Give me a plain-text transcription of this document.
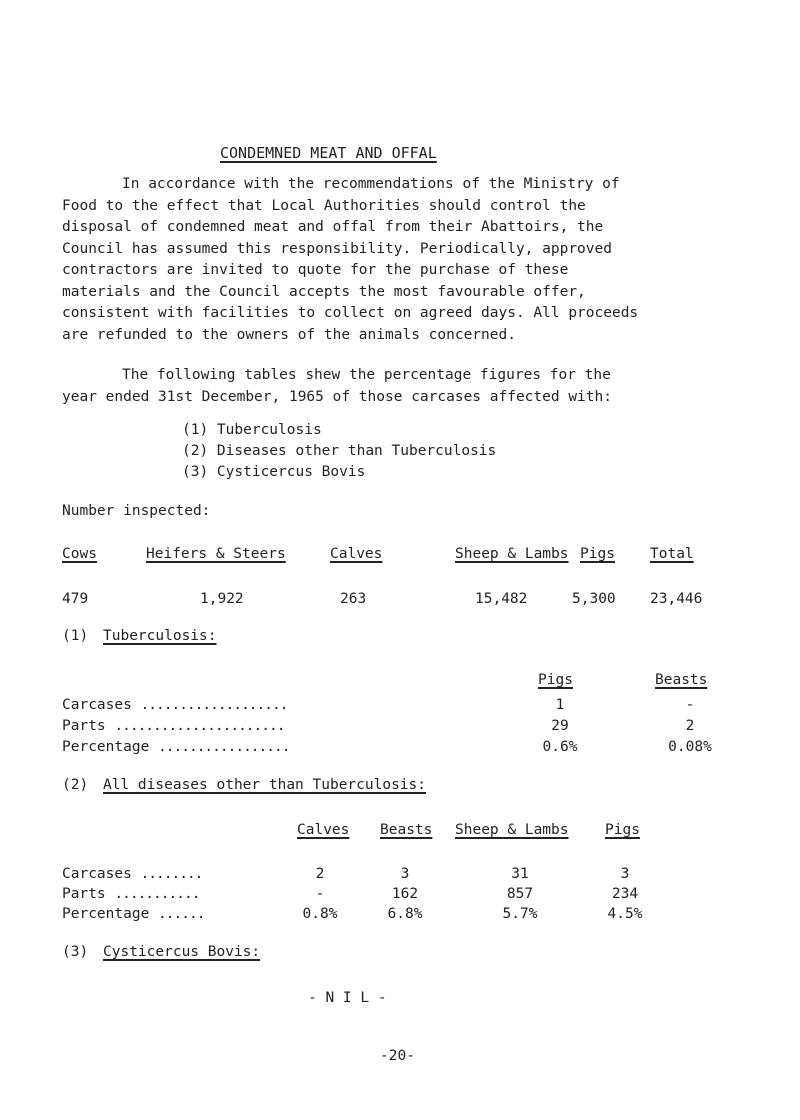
CONDEMNED MEAT AND OFFAL

In accordance with the recommendations of the Ministry of

Food to the effect that Local Authorities should control the

disposal of condemned meat and offal from their Abattoirs, the

Council has assumed this responsibility. Periodically, approved

contractors are invited to quote for the purchase of these

materials and the Council accepts the most favourable offer,

consistent with facilities to collect on agreed days. All proceeds

are refunded to the owners of the animals concerned.

The following tables shew the percentage figures for the

year ended 31st December, 1965 of those carcases affected with:

(1) Tuberculosis
(2) Diseases other than Tuberculosis
(3) Cysticercus Bovis
Number inspected:
Cows	Heifers & Steers	Calves	Sheep & Lambs Pigs Total
479	1,922	263	15,482	5,300 23,446
(1) Tuberculosis:
Pigs	Beasts
Carcases ...................	1	-
Parts ......................	29	2
Percentage .................	0.6%	0.08%
(2) All diseases other than Tuberculosis:
Calves Beasts Sheep & Lambs	Pigs
Carcases ........	2	3	31	3
Parts ...........	-	162	857	234
Percentage ......	0.8%	6.8%	5.7%	4.5%
(3) Cysticercus Bovis:
- N I L -
-20-
